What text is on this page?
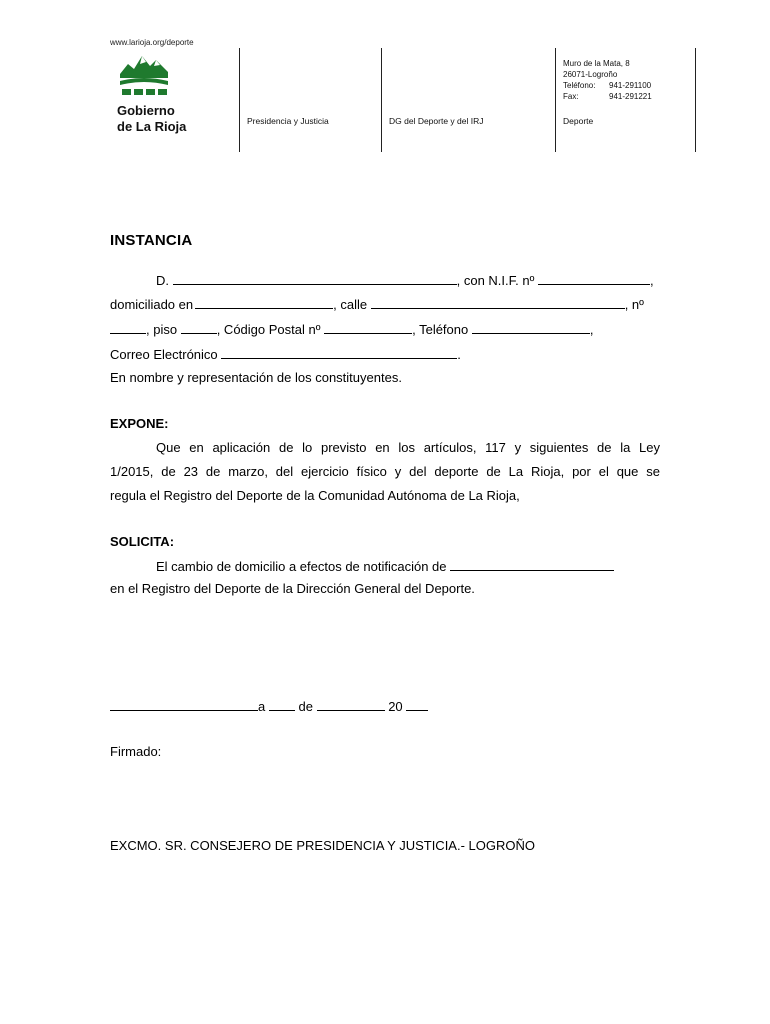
www.larioja.org/deporte
Gobierno
de La Rioja	Presidencia y Justicia	DG del Deporte y del IRJ	Deporte
Muro de la Mata, 8
26071-Logroño
Teléfono: 941-291100
Fax:	941-291221
INSTANCIA
D.	, con N.I.F. nº	,
domiciliado en	, calle	, nº
, piso	, Código Postal nº	, Teléfono	,
Correo Electrónico	.
En nombre y representación de los constituyentes.
EXPONE:
Que en aplicación de lo previsto en los artículos, 117 y siguientes de la Ley
1/2015, de 23 de marzo, del ejercicio físico y del deporte de La Rioja, por el que se
regula el Registro del Deporte de la Comunidad Autónoma de La Rioja,
SOLICITA:
El cambio de domicilio a efectos de notificación de
en el Registro del Deporte de la Dirección General del Deporte.
a	de	20
Firmado:
EXCMO. SR. CONSEJERO DE PRESIDENCIA Y JUSTICIA.- LOGROÑO
